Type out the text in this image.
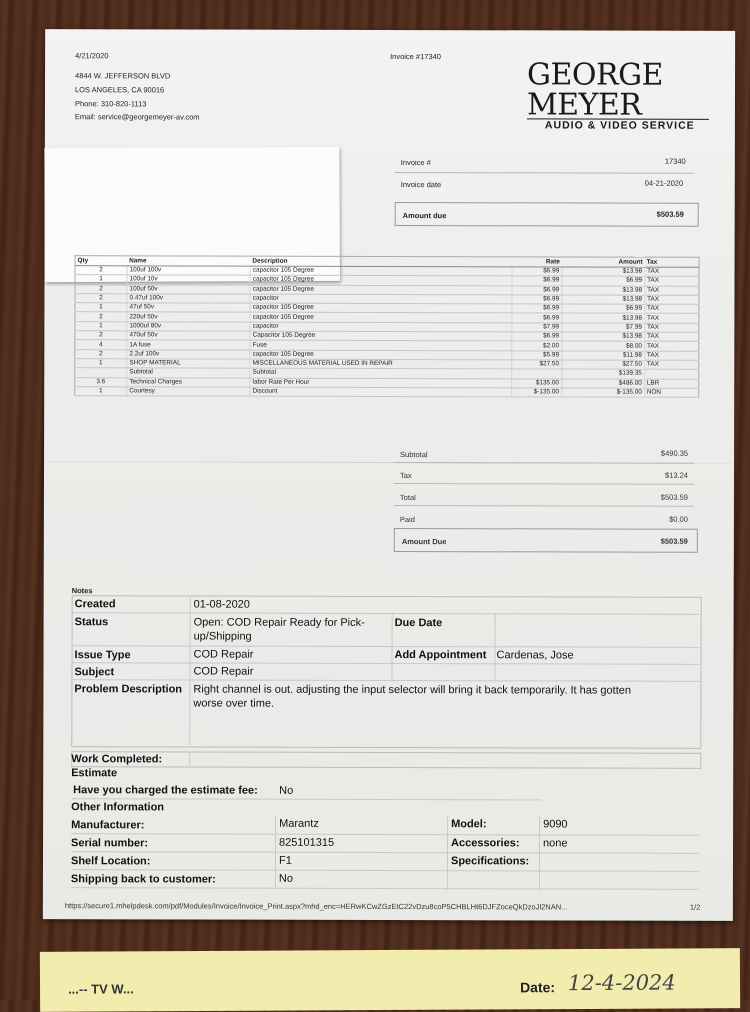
4/21/2020	Invoice #17340
4844 W. JEFFERSON BLVD
LOS ANGELES, CA 90016
Phone: 310-820-1113
Email: service@georgemeyer-av.com
GEORGE MEYER
AUDIO & VIDEO SERVICE
Invoice #	17340
Invoice date	04-21-2020
Amount due	$503.59
Qty	Name	Description	Rate	Amount	Tax
2	100uf 100v	capacitor 105 Degree	$6.99	$13.98	TAX
1	100uf 10v	capacitor 105 Degree	$6.99	$6.99	TAX
2	100uf 50v	capacitor 105 Degree	$6.99	$13.98	TAX
2	0.47uf 100v	capacitor	$6.99	$13.98	TAX
1	47uf 50v	capacitor 105 Degree	$6.99	$6.99	TAX
2	220uf 50v	capacitor 105 Degree	$6.99	$13.98	TAX
1	1000uf 80v	capacitor	$7.99	$7.99	TAX
2	470uf 50v	Capacitor 105 Degree	$6.99	$13.98	TAX
4	1A fuse	Fuse	$2.00	$8.00	TAX
2	2.2uf 100v	capacitor 105 Degree	$5.99	$11.98	TAX
1	SHOP MATERIAL	MISCELLANEOUS MATERIAL USED IN REPAIR	$27.50	$27.50	TAX
	Subtotal	Subtotal		$139.35	
3.6	Technical Charges	labor Rate Per Hour	$135.00	$486.00	LBR
1	Courtesy	Discount	$-135.00	$-135.00	NON
Subtotal	$490.35
Tax	$13.24
Total	$503.59
Paid	$0.00
Amount Due	$503.59
Notes
Created	01-08-2020
Status	Open: COD Repair Ready for Pick-
up/Shipping
Due Date
Issue Type	COD Repair	Add Appointment Cardenas, Jose
Subject	COD Repair
Problem Description Right channel is out. adjusting the input selector will bring it back temporarily. It has gotten
worse over time.
Work Completed:
Estimate
Have you charged the estimate fee: No
Other Information
Manufacturer:	Marantz	Model:	9090
Serial number:	825101315	Accessories: none
Shelf Location:	F1	Specifications:
Shipping back to customer:	No
https://secure1.mhelpdesk.com/pdf/Modules/Invoice/Invoice_Print.aspx?mhd_enc=HERwKCwZGzEtC22vDzu8coP5CHBLHt6DJFZoceQkDzoJl2NAN...	1/2
...-- TV W...	Date: 12-4-2024
